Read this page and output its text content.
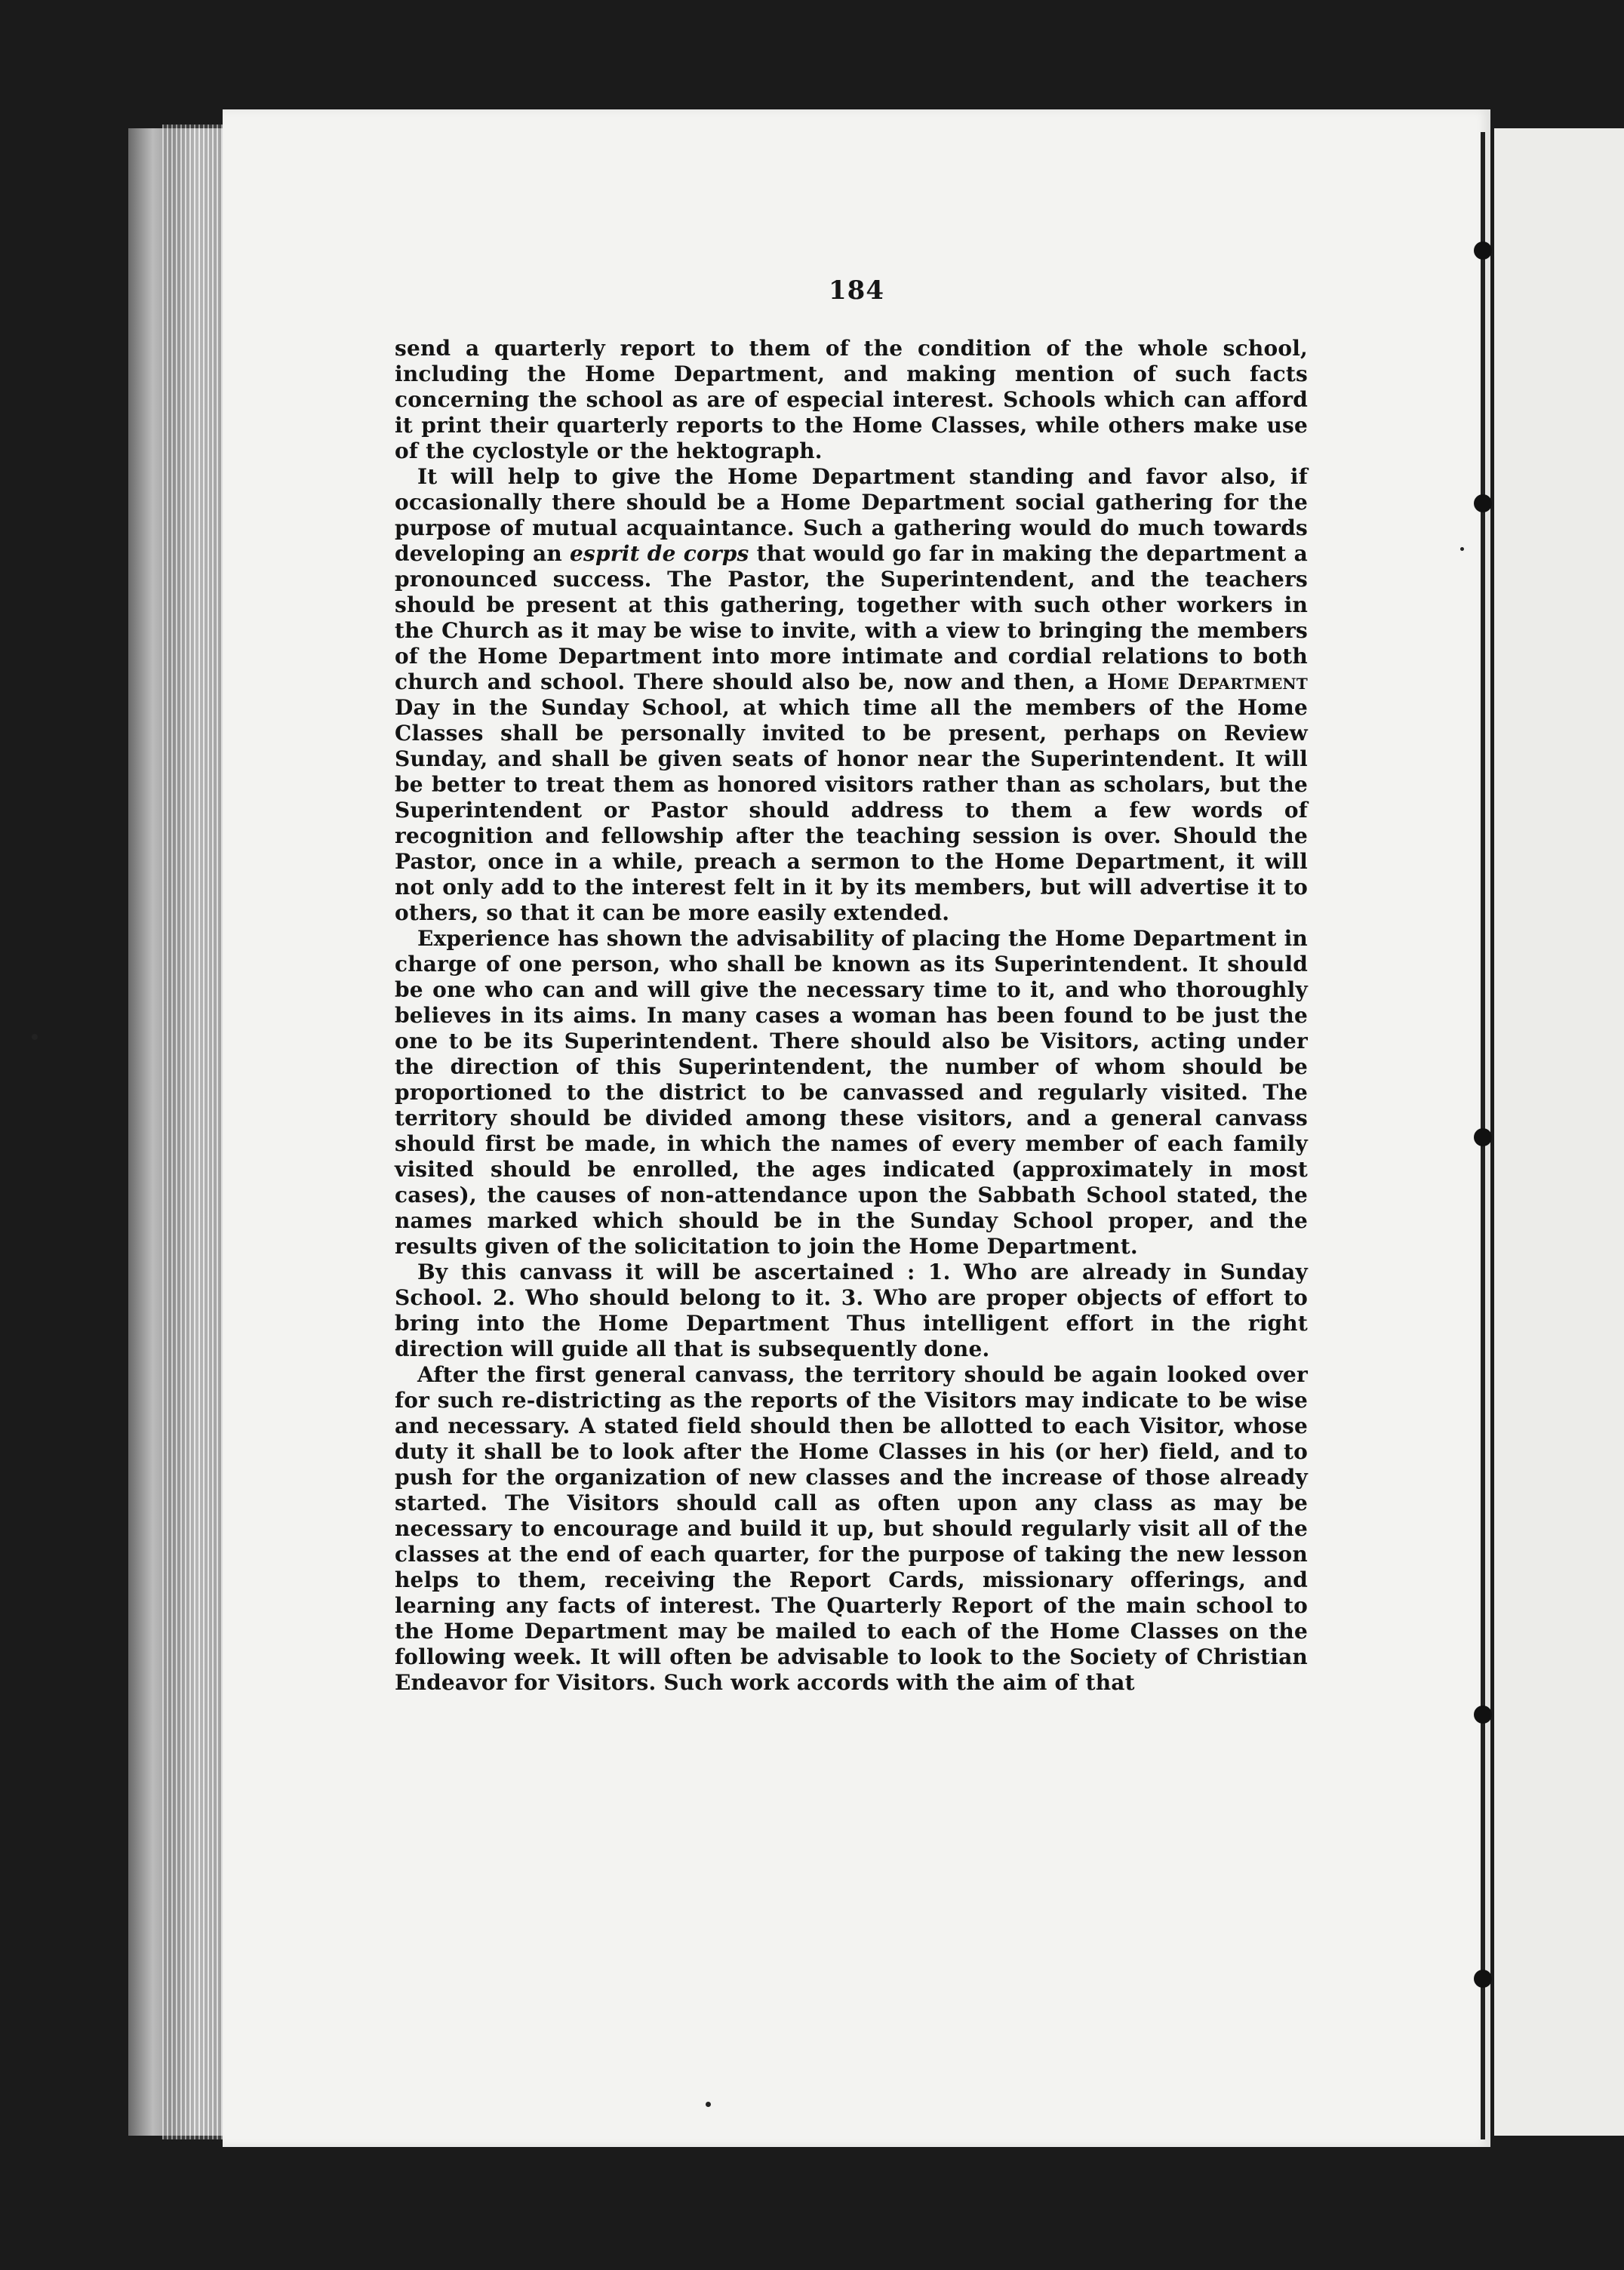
184

send a quarterly report to them of the condition of the whole school, including the Home Department, and making mention of such facts concerning the school as are of especial interest. Schools which can afford it print their quarterly reports to the Home Classes, while others make use of the cyclostyle or the hektograph.

It will help to give the Home Department standing and favor also, if occasionally there should be a Home Department social gathering for the purpose of mutual acquaintance. Such a gathering would do much towards developing an esprit de corps that would go far in making the department a pronounced success. The Pastor, the Superintendent, and the teachers should be present at this gathering, together with such other workers in the Church as it may be wise to invite, with a view to bringing the members of the Home Department into more intimate and cordial relations to both church and school. There should also be, now and then, a Home Department Day in the Sunday School, at which time all the members of the Home Classes shall be personally invited to be present, perhaps on Review Sunday, and shall be given seats of honor near the Superintendent. It will be better to treat them as honored visitors rather than as scholars, but the Superintendent or Pastor should address to them a few words of recognition and fellowship after the teaching session is over. Should the Pastor, once in a while, preach a sermon to the Home Department, it will not only add to the interest felt in it by its members, but will advertise it to others, so that it can be more easily extended.

Experience has shown the advisability of placing the Home Department in charge of one person, who shall be known as its Superintendent. It should be one who can and will give the necessary time to it, and who thoroughly believes in its aims. In many cases a woman has been found to be just the one to be its Superintendent. There should also be Visitors, acting under the direction of this Superintendent, the number of whom should be proportioned to the district to be canvassed and regularly visited. The territory should be divided among these visitors, and a general canvass should first be made, in which the names of every member of each family visited should be enrolled, the ages indicated (approximately in most cases), the causes of non-attendance upon the Sabbath School stated, the names marked which should be in the Sunday School proper, and the results given of the solicitation to join the Home Department.

By this canvass it will be ascertained : 1. Who are already in Sunday School. 2. Who should belong to it. 3. Who are proper objects of effort to bring into the Home Department Thus intelligent effort in the right direction will guide all that is subsequently done.

After the first general canvass, the territory should be again looked over for such re-districting as the reports of the Visitors may indicate to be wise and necessary. A stated field should then be allotted to each Visitor, whose duty it shall be to look after the Home Classes in his (or her) field, and to push for the organization of new classes and the increase of those already started. The Visitors should call as often upon any class as may be necessary to encourage and build it up, but should regularly visit all of the classes at the end of each quarter, for the purpose of taking the new lesson helps to them, receiving the Report Cards, missionary offerings, and learning any facts of interest. The Quarterly Report of the main school to the Home Department may be mailed to each of the Home Classes on the following week. It will often be advisable to look to the Society of Christian Endeavor for Visitors. Such work accords with the aim of that
